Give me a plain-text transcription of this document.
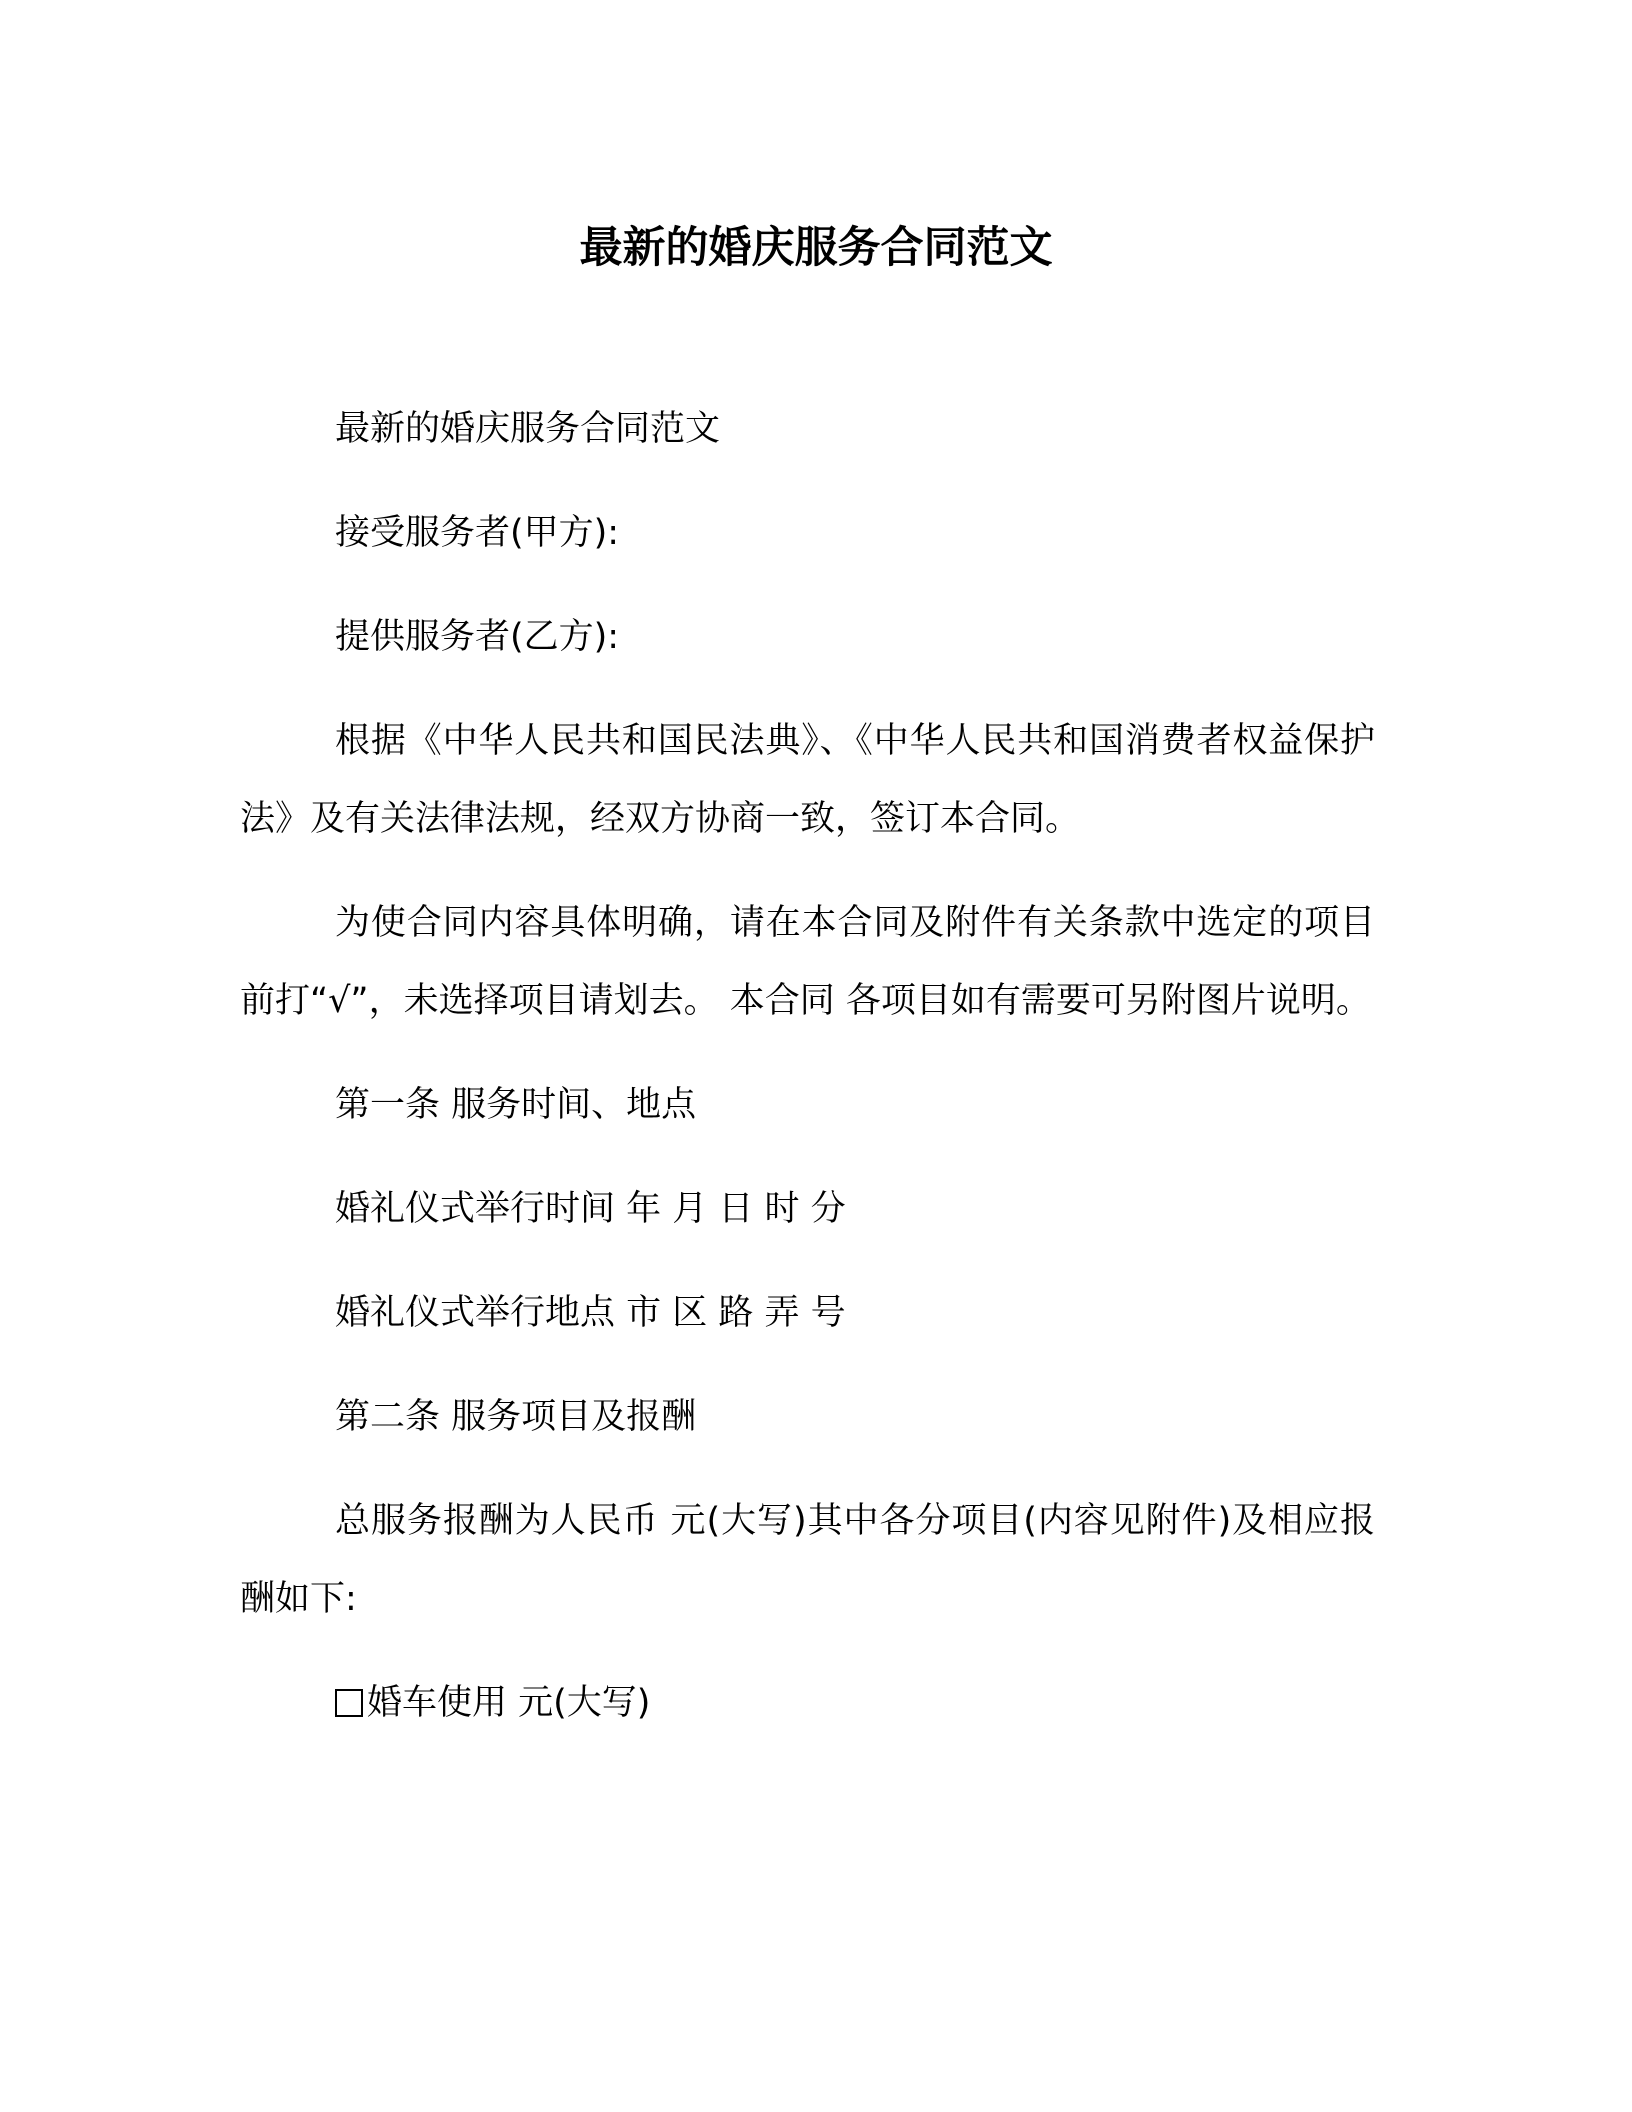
最新的婚庆服务合同范文

最新的婚庆服务合同范文

接受服务者(甲方):

提供服务者(乙方):

根据《中华人民共和国民法典》、《中华人民共和国消费者权益保护法》及有关法律法规，经双方协商一致，签订本合同。

为使合同内容具体明确，请在本合同及附件有关条款中选定的项目前打“√”，未选择项目请划去。 本合同 各项目如有需要可另附图片说明。

第一条 服务时间、地点

婚礼仪式举行时间 年 月 日 时 分

婚礼仪式举行地点 市 区 路 弄 号

第二条 服务项目及报酬

总服务报酬为人民币 元(大写)其中各分项目(内容见附件)及相应报酬如下:

婚车使用 元(大写)
